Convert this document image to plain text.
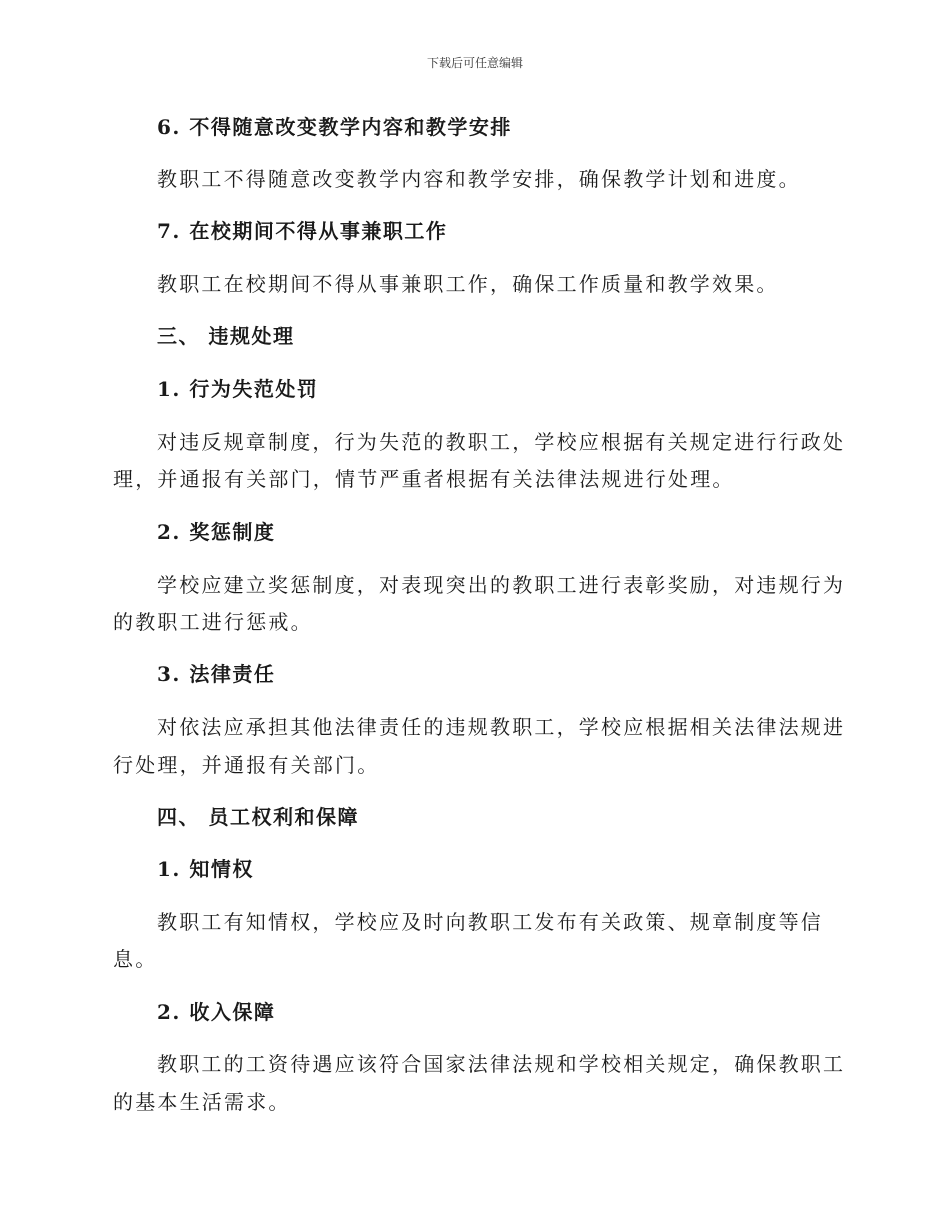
下载后可任意编辑
6. 不得随意改变教学内容和教学安排
教职工不得随意改变教学内容和教学安排，确保教学计划和进度。
7. 在校期间不得从事兼职工作
教职工在校期间不得从事兼职工作，确保工作质量和教学效果。
三、 违规处理
1. 行为失范处罚
对违反规章制度，行为失范的教职工，学校应根据有关规定进行行政处
理，并通报有关部门，情节严重者根据有关法律法规进行处理。
2. 奖惩制度
学校应建立奖惩制度，对表现突出的教职工进行表彰奖励，对违规行为
的教职工进行惩戒。
3. 法律责任
对依法应承担其他法律责任的违规教职工，学校应根据相关法律法规进
行处理，并通报有关部门。
四、 员工权利和保障
1. 知情权
教职工有知情权，学校应及时向教职工发布有关政策、规章制度等信
息。
2. 收入保障
教职工的工资待遇应该符合国家法律法规和学校相关规定，确保教职工
的基本生活需求。
